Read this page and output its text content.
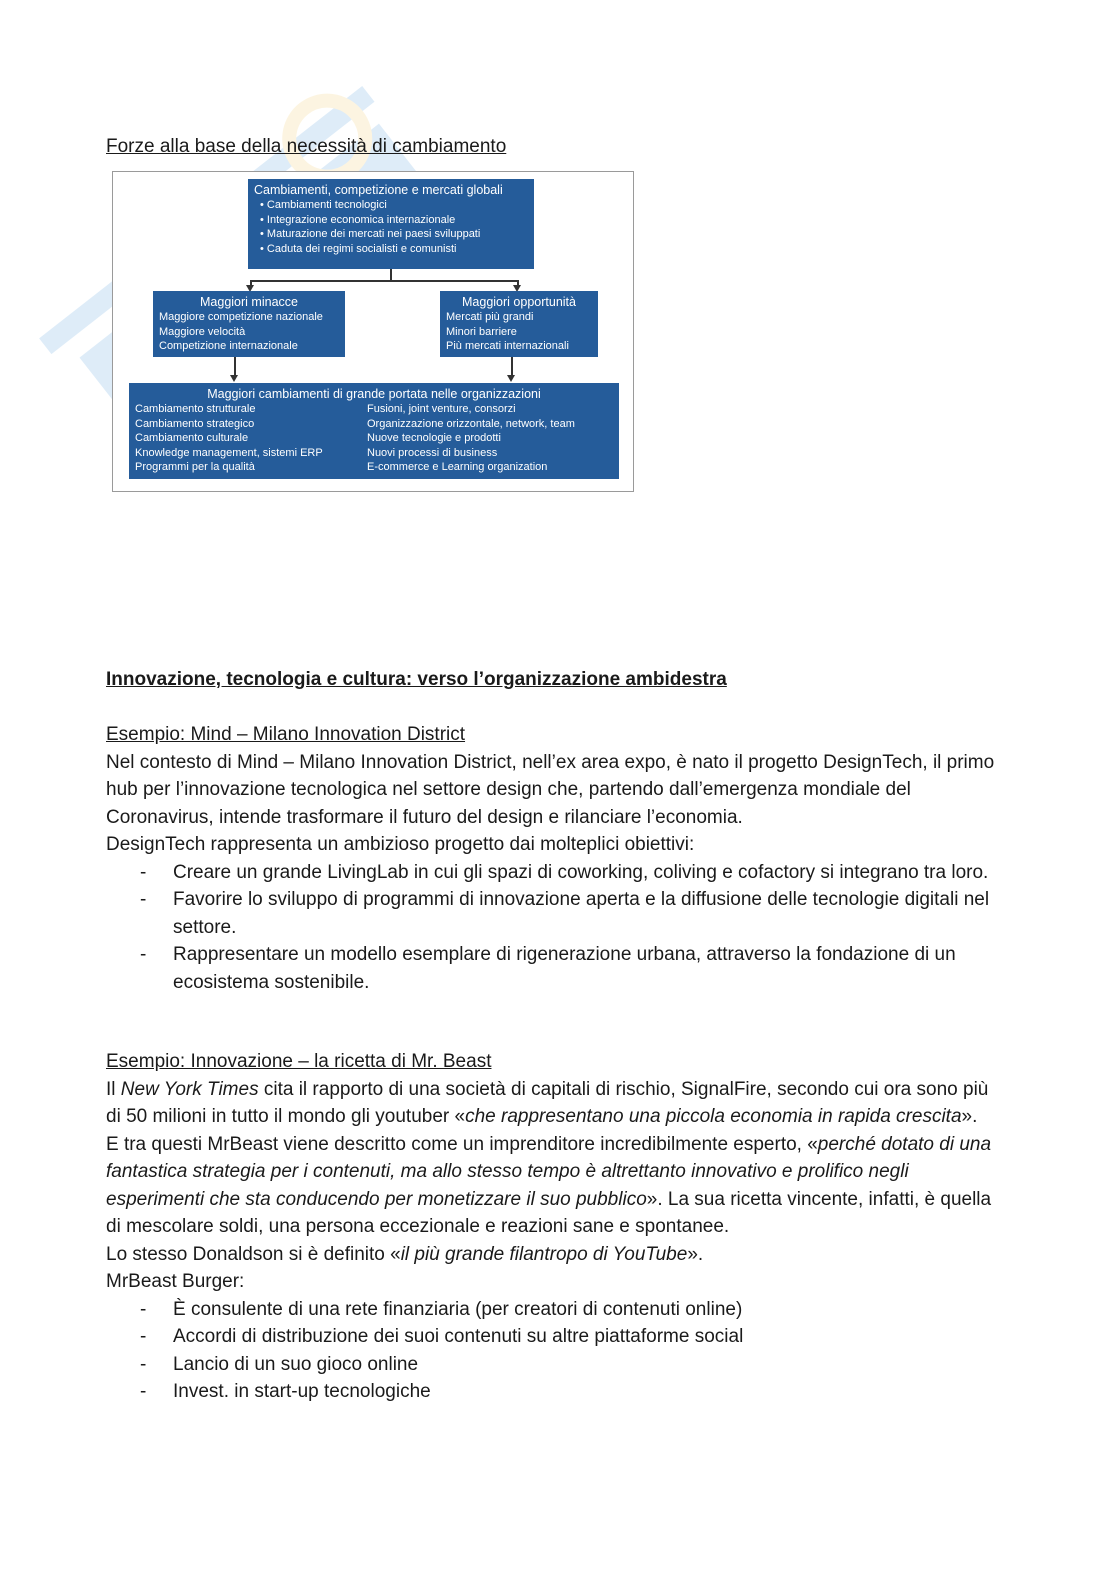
Forze alla base della necessità di cambiamento
Cambiamenti, competizione e mercati globali
• Cambiamenti tecnologici
• Integrazione economica internazionale
• Maturazione dei mercati nei paesi sviluppati
• Caduta dei regimi socialisti e comunisti
Maggiori minacce
Maggiore competizione nazionale
Maggiore velocità
Competizione internazionale
Maggiori opportunità
Mercati più grandi
Minori barriere
Più mercati internazionali
Maggiori cambiamenti di grande portata nelle organizzazioni
Cambiamento strutturale
Cambiamento strategico
Cambiamento culturale
Knowledge management, sistemi ERP
Programmi per la qualità
Fusioni, joint venture, consorzi
Organizzazione orizzontale, network, team
Nuove tecnologie e prodotti
Nuovi processi di business
E-commerce e Learning organization
Innovazione, tecnologia e cultura: verso l’organizzazione ambidestra
Esempio: Mind – Milano Innovation District

Nel contesto di Mind – Milano Innovation District, nell’ex area expo, è nato il progetto DesignTech, il primo hub per l’innovazione tecnologica nel settore design che, partendo dall’emergenza mondiale del Coronavirus, intende trasformare il futuro del design e rilanciare l’economia.

DesignTech rappresenta un ambizioso progetto dai molteplici obiettivi:

- Creare un grande LivingLab in cui gli spazi di coworking, coliving e cofactory si integrano tra loro.
- Favorire lo sviluppo di programmi di innovazione aperta e la diffusione delle tecnologie digitali nel settore.
- Rappresentare un modello esemplare di rigenerazione urbana, attraverso la fondazione di un ecosistema sostenibile.
Esempio: Innovazione – la ricetta di Mr. Beast

Il New York Times cita il rapporto di una società di capitali di rischio, SignalFire, secondo cui ora sono più di 50 milioni in tutto il mondo gli youtuber «che rappresentano una piccola economia in rapida crescita».

E tra questi MrBeast viene descritto come un imprenditore incredibilmente esperto, «perché dotato di una fantastica strategia per i contenuti, ma allo stesso tempo è altrettanto innovativo e prolifico negli esperimenti che sta conducendo per monetizzare il suo pubblico». La sua ricetta vincente, infatti, è quella di mescolare soldi, una persona eccezionale e reazioni sane e spontanee.

Lo stesso Donaldson si è definito «il più grande filantropo di YouTube».

MrBeast Burger:

- È consulente di una rete finanziaria (per creatori di contenuti online)
- Accordi di distribuzione dei suoi contenuti su altre piattaforme social
- Lancio di un suo gioco online
- Invest. in start-up tecnologiche
